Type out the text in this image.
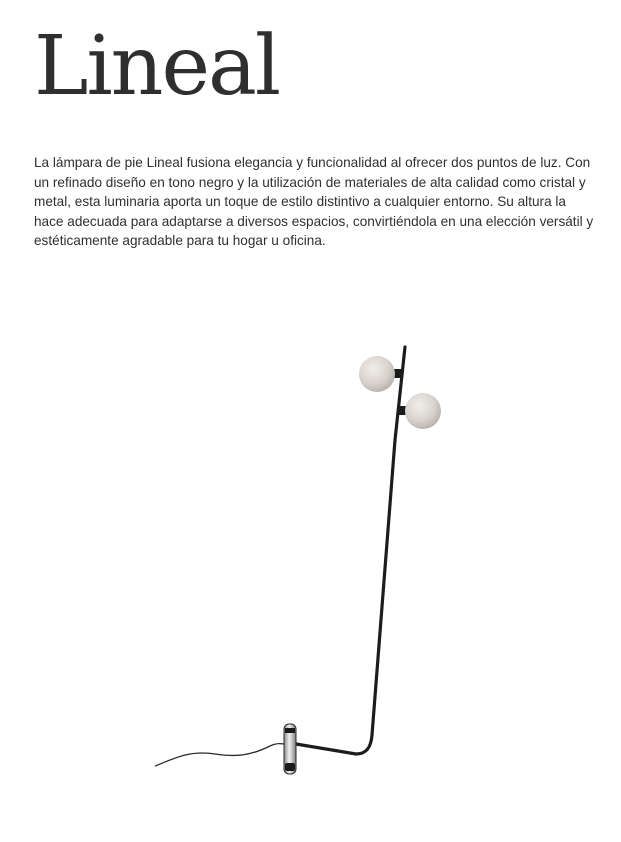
Lineal

La lámpara de pie Lineal fusiona elegancia y funcionalidad al ofrecer dos puntos de luz. Con un refinado diseño en tono negro y la utilización de materiales de alta calidad como cristal y metal, esta luminaria aporta un toque de estilo distintivo a cualquier entorno. Su altura la hace adecuada para adaptarse a diversos espacios, convirtiéndola en una elección versátil y estéticamente agradable para tu hogar u oficina.
